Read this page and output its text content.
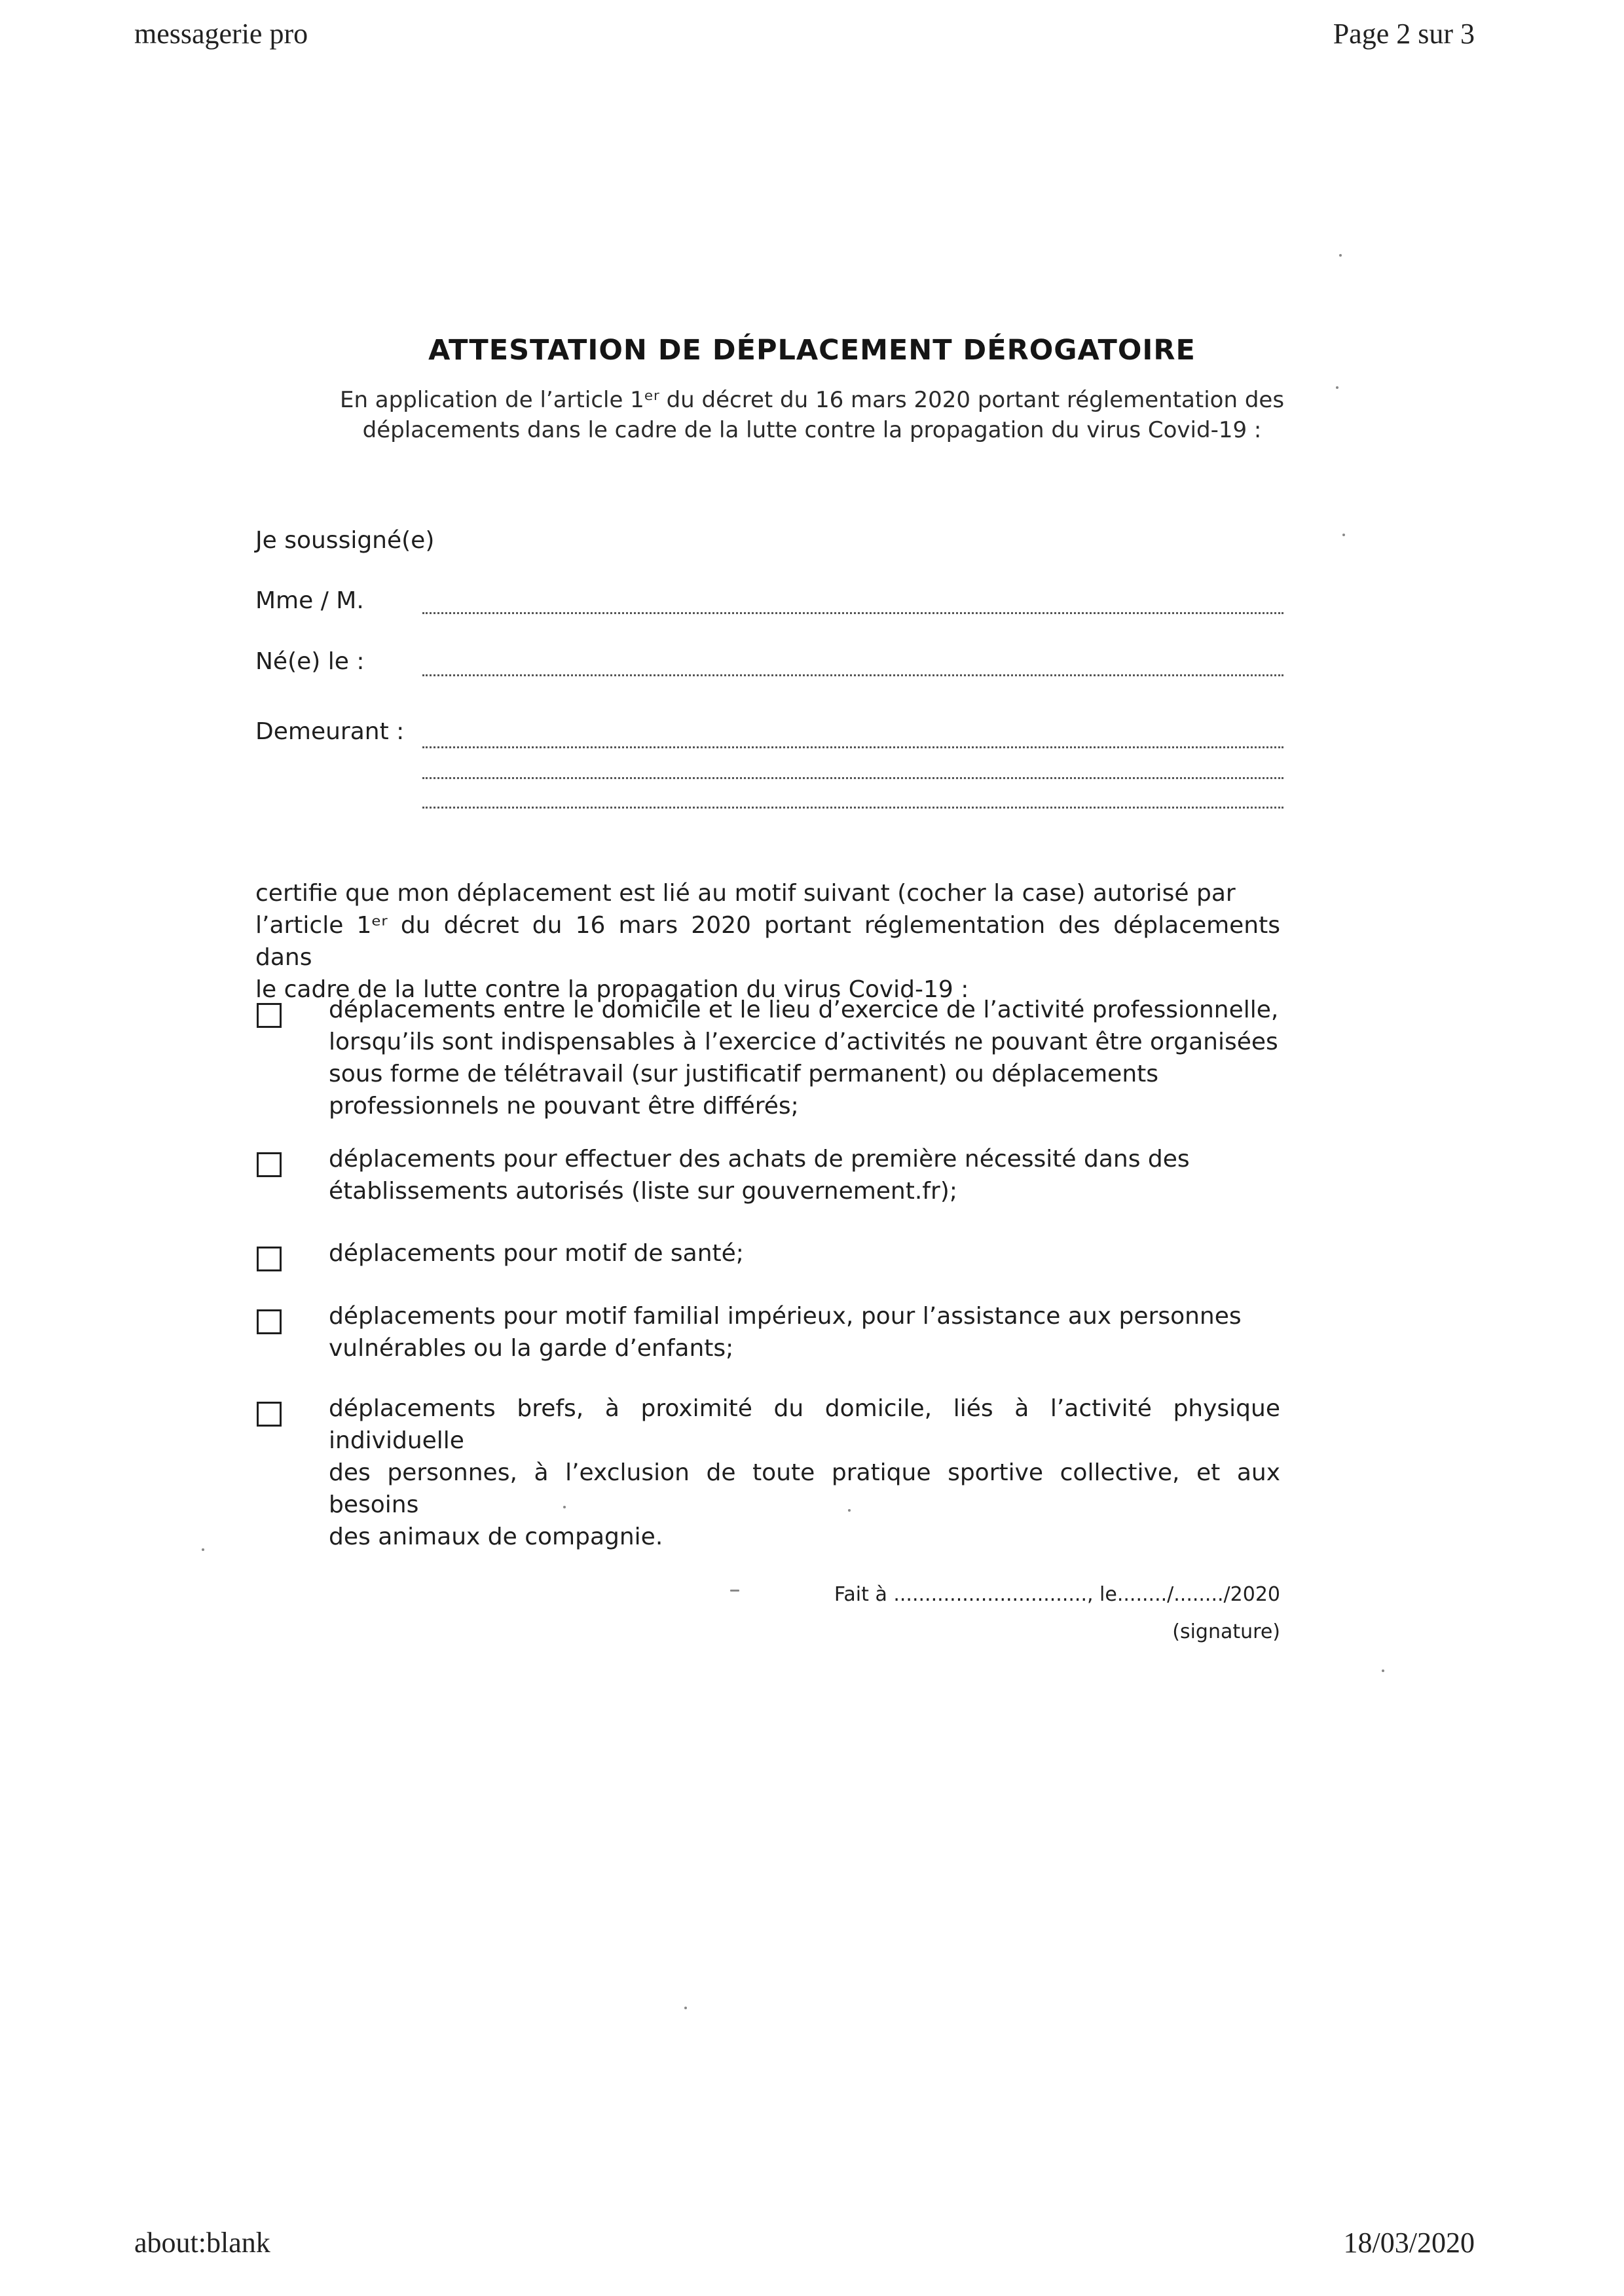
messagerie pro	Page 2 sur 3
about:blank	18/03/2020
ATTESTATION DE DÉPLACEMENT DÉROGATOIRE
En application de l’article 1ᵉʳ du décret du 16 mars 2020 portant réglementation des
déplacements dans le cadre de la lutte contre la propagation du virus Covid-19 :
Je soussigné(e)
Mme / M.
Né(e) le :
Demeurant :
certifie que mon déplacement est lié au motif suivant (cocher la case) autorisé par
l’article 1ᵉʳ du décret du 16 mars 2020 portant réglementation des déplacements dans
le cadre de la lutte contre la propagation du virus Covid-19 :
déplacements entre le domicile et le lieu d’exercice de l’activité professionnelle,
lorsqu’ils sont indispensables à l’exercice d’activités ne pouvant être organisées
sous forme de télétravail (sur justificatif permanent) ou déplacements
professionnels ne pouvant être différés;
déplacements pour effectuer des achats de première nécessité dans des
établissements autorisés (liste sur gouvernement.fr);
déplacements pour motif de santé;
déplacements pour motif familial impérieux, pour l’assistance aux personnes
vulnérables ou la garde d’enfants;
déplacements brefs, à proximité du domicile, liés à l’activité physique individuelle
des personnes, à l’exclusion de toute pratique sportive collective, et aux besoins
des animaux de compagnie.
Fait à ..............................., le......../......../2020
(signature)
